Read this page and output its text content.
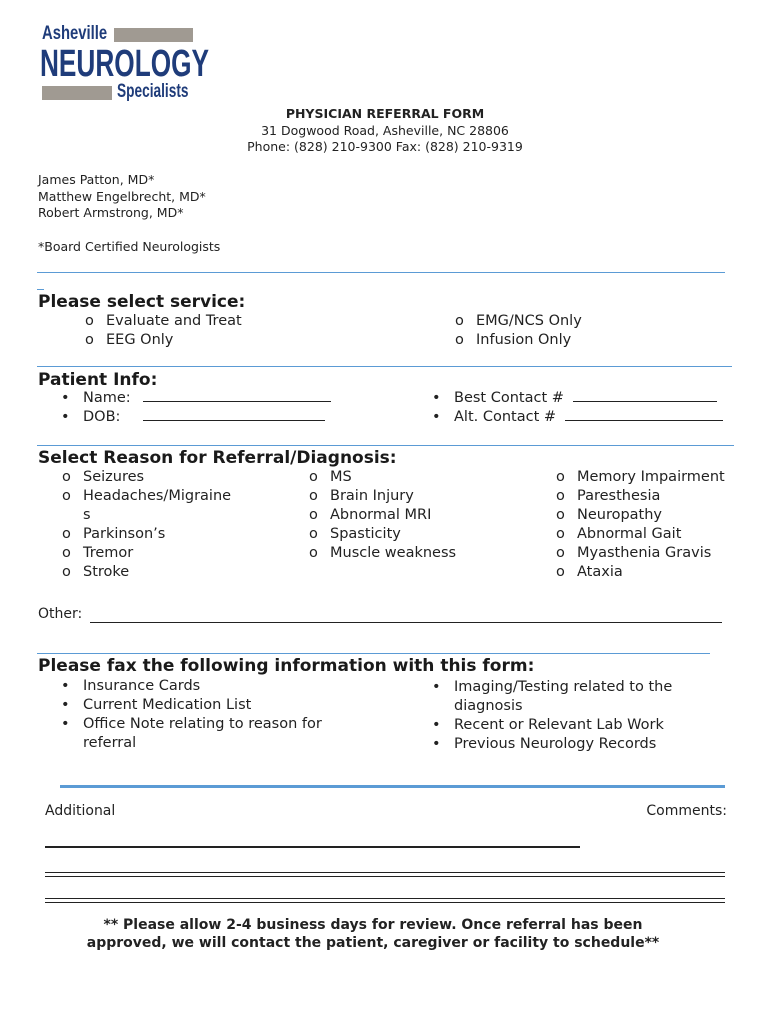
Asheville
NEUROLOGY
Specialists
PHYSICIAN REFERRAL FORM
31 Dogwood Road, Asheville, NC 28806
Phone: (828) 210-9300 Fax: (828) 210-9319
James Patton, MD*
Matthew Engelbrecht, MD*
Robert Armstrong, MD*
*Board Certified Neurologists
Please select service:
o Evaluate and Treat
o EEG Only
o EMG/NCS Only
o Infusion Only
Patient Info:
• Name:
• DOB:
• Best Contact #
• Alt. Contact #
Select Reason for Referral/Diagnosis:
o Seizures
o Headaches/Migraine
s
o Parkinson’s
o Tremor
o Stroke
o MS
o Brain Injury
o Abnormal MRI
o Spasticity
o Muscle weakness
o Memory Impairment
o Paresthesia
o Neuropathy
o Abnormal Gait
o Myasthenia Gravis
o Ataxia
Other:
Please fax the following information with this form:
• Insurance Cards
• Current Medication List
• Office Note relating to reason for
referral
• Imaging/Testing related to the
diagnosis
• Recent or Relevant Lab Work
• Previous Neurology Records
Additional	Comments:
** Please allow 2-4 business days for review. Once referral has been
approved, we will contact the patient, caregiver or facility to schedule**
